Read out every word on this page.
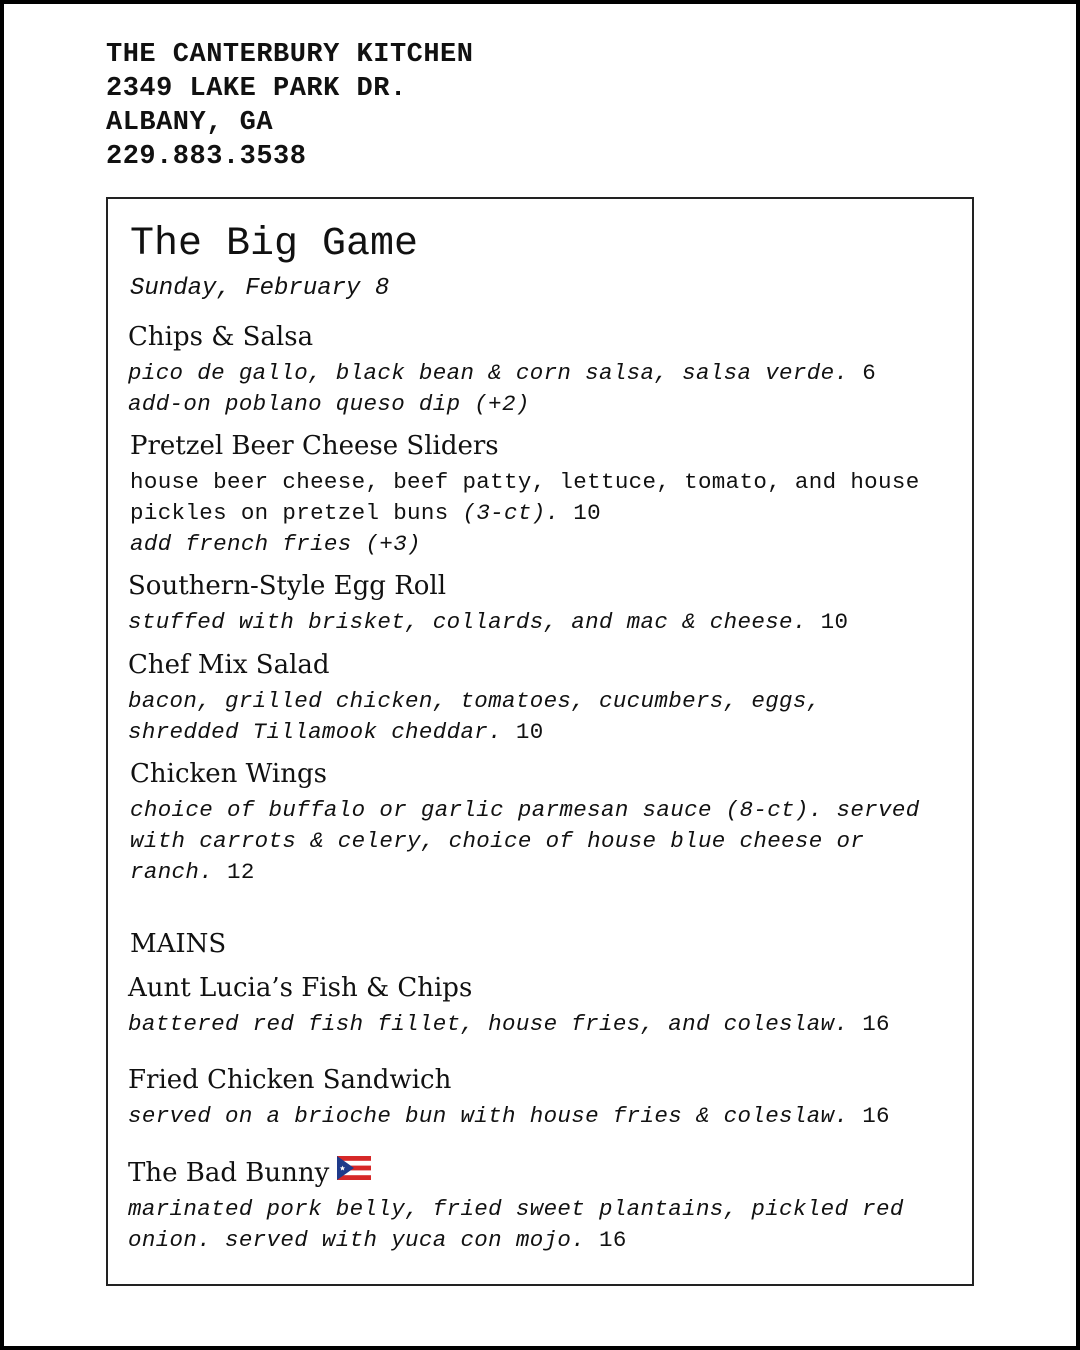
THE CANTERBURY KITCHEN
2349 LAKE PARK DR.
ALBANY, GA
229.883.3538
The Big Game
Sunday, February 8
Chips & Salsa
pico de gallo, black bean & corn salsa, salsa verde. 6
add-on poblano queso dip (+2)
Pretzel Beer Cheese Sliders
house beer cheese, beef patty, lettuce, tomato, and house
pickles on pretzel buns (3-ct). 10
add french fries (+3)
Southern-Style Egg Roll
stuffed with brisket, collards, and mac & cheese. 10
Chef Mix Salad
bacon, grilled chicken, tomatoes, cucumbers, eggs,
shredded Tillamook cheddar. 10
Chicken Wings
choice of buffalo or garlic parmesan sauce (8-ct). served
with carrots & celery, choice of house blue cheese or
ranch. 12
MAINS
Aunt Lucia’s Fish & Chips
battered red fish fillet, house fries, and coleslaw. 16
Fried Chicken Sandwich
served on a brioche bun with house fries & coleslaw. 16
The Bad Bunny
marinated pork belly, fried sweet plantains, pickled red
onion. served with yuca con mojo. 16
